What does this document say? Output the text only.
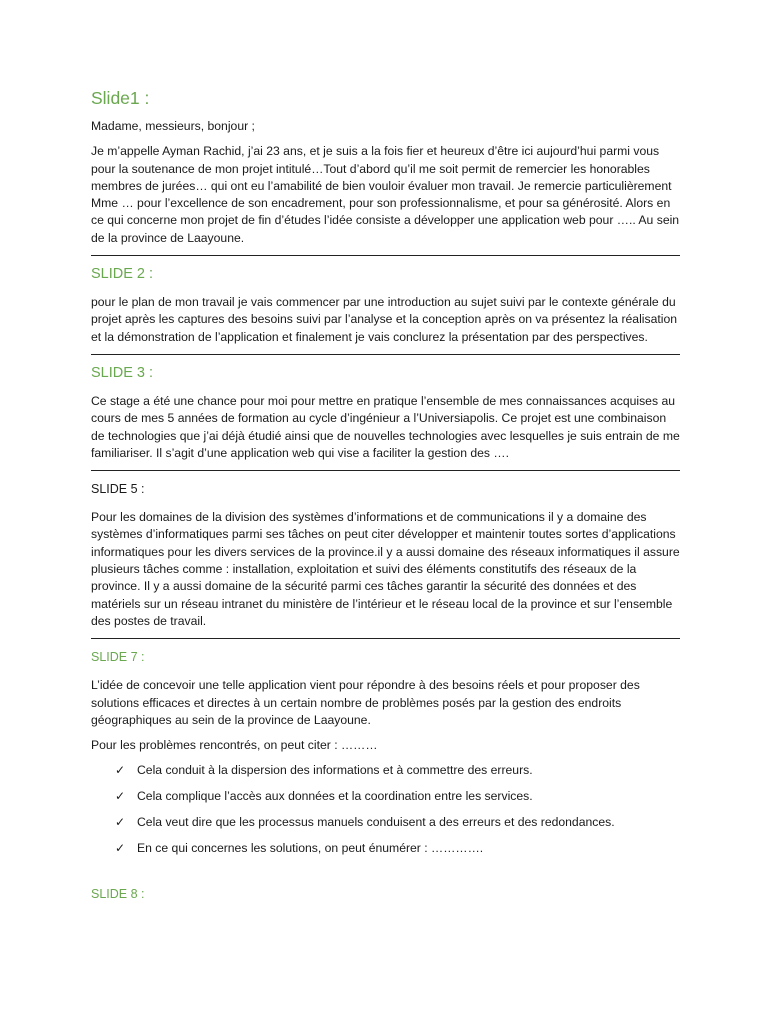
Slide1 :

Madame, messieurs, bonjour ;

Je m’appelle Ayman Rachid, j’ai 23 ans, et je suis a la fois fier et heureux d’être ici aujourd’hui parmi vous pour la soutenance de mon projet intitulé…Tout d’abord qu’il me soit permit de remercier les honorables membres de jurées… qui ont eu l’amabilité de bien vouloir évaluer mon travail. Je remercie particulièrement Mme … pour l’excellence de son encadrement, pour son professionnalisme, et pour sa générosité. Alors en ce qui concerne mon projet de fin d’études l’idée consiste a développer une application web pour ….. Au sein de la province de Laayoune.

SLIDE 2 :

pour le plan de mon travail je vais commencer par une introduction au sujet suivi par le contexte générale du projet après les captures des besoins suivi par l’analyse et la conception après on va présentez la réalisation et la démonstration de l’application et finalement je vais conclurez la présentation par des perspectives.

SLIDE 3 :

Ce stage a été une chance pour moi pour mettre en pratique l’ensemble de mes connaissances acquises au cours de mes 5 années de formation au cycle d’ingénieur a l’Universiapolis. Ce projet est une combinaison de technologies que j’ai déjà étudié ainsi que de nouvelles technologies avec lesquelles je suis entrain de me familiariser. Il s’agit d’une application web qui vise a faciliter la gestion des ….

SLIDE 5 :

Pour les domaines de la division des systèmes d’informations et de communications il y a domaine des systèmes d’informatiques parmi ses tâches on peut citer développer et maintenir toutes sortes d’applications informatiques pour les divers services de la province.il y a aussi domaine des réseaux informatiques il assure plusieurs tâches comme : installation, exploitation et suivi des éléments constitutifs des réseaux de la province. Il y a aussi domaine de la sécurité parmi ces tâches garantir la sécurité des données et des matériels sur un réseau intranet du ministère de l’intérieur et le réseau local de la province et sur l’ensemble des postes de travail.

SLIDE 7 :

L’idée de concevoir une telle application vient pour répondre à des besoins réels et pour proposer des solutions efficaces et directes à un certain nombre de problèmes posés par la gestion des endroits géographiques au sein de la province de Laayoune.

Pour les problèmes rencontrés, on peut citer : ………

✓ Cela conduit à la dispersion des informations et à commettre des erreurs.
✓ Cela complique l’accès aux données et la coordination entre les services.
✓ Cela veut dire que les processus manuels conduisent a des erreurs et des redondances.
✓ En ce qui concernes les solutions, on peut énumérer : ………….
SLIDE 8 :
